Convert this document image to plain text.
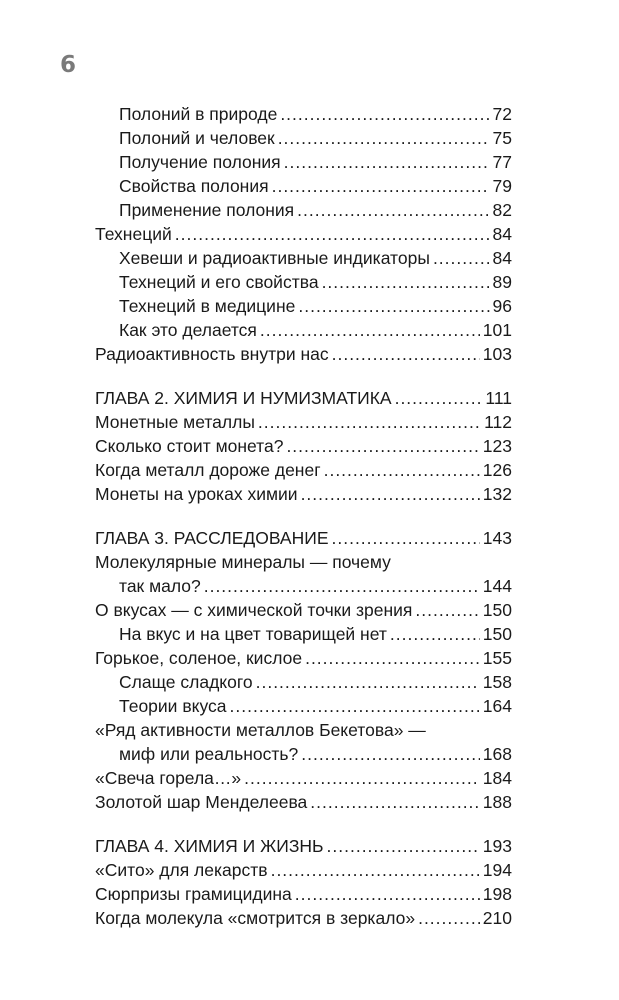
6
Полоний в природе .....	72
Полоний и человек .....	75
Получение полония .....	77
Свойства полония .....	79
Применение полония .....	82
Технеций .....	84
Хевеши и радиоактивные индикаторы .....	84
Технеций и его свойства .....	89
Технеций в медицине .....	96
Как это делается .....	101
Радиоактивность внутри нас .....	103
ГЛАВА 2. ХИМИЯ И НУМИЗМАТИКА .....	111
Монетные металлы .....	112
Сколько стоит монета? .....	123
Когда металл дороже денег .....	126
Монеты на уроках химии .....	132
ГЛАВА 3. РАССЛЕДОВАНИЕ .....	143
Молекулярные минералы — почему
так мало? .....	144
О вкусах — с химической точки зрения .....	150
На вкус и на цвет товарищей нет .....	150
Горькое, соленое, кислое .....	155
Слаще сладкого .....	158
Теории вкуса .....	164
«Ряд активности металлов Бекетова» —
миф или реальность? .....	168
«Свеча горела…» .....	184
Золотой шар Менделеева .....	188
ГЛАВА 4. ХИМИЯ И ЖИЗНЬ .....	193
«Сито» для лекарств .....	194
Сюрпризы грамицидина .....	198
Когда молекула «смотрится в зеркало» .....	210
